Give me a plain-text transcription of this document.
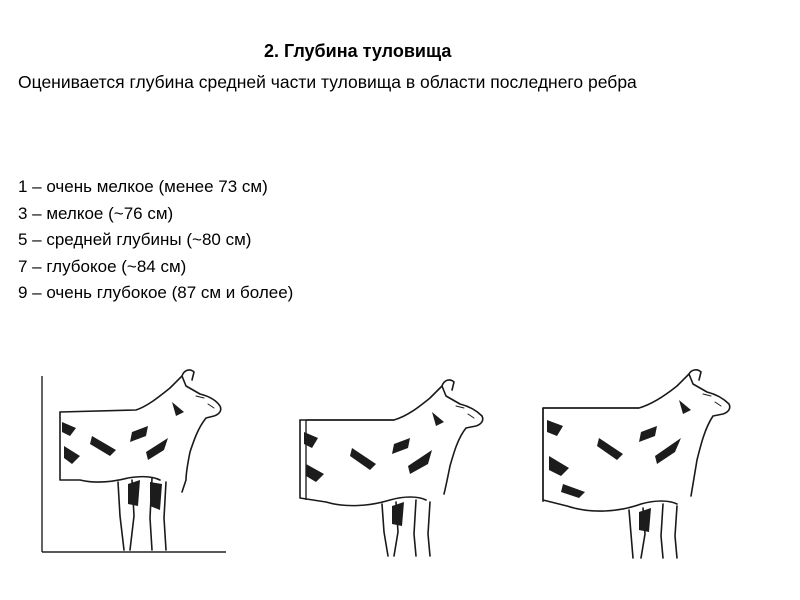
2. Глубина туловища
Оценивается глубина средней части туловища в области последнего ребра
1 – очень мелкое (менее 73 см)
3 – мелкое (~76 см)
5 – средней глубины (~80 см)
7 – глубокое (~84 см)
9 – очень глубокое (87 см и более)
